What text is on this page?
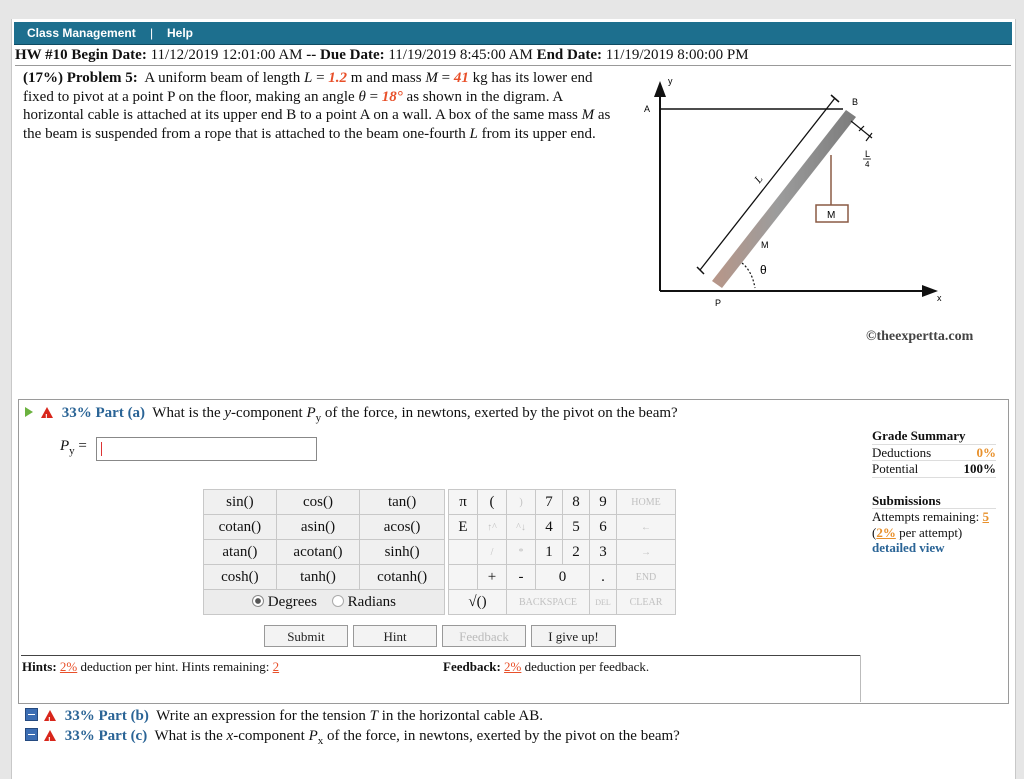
Class Management | Help
HW #10 Begin Date: 11/12/2019 12:01:00 AM -- Due Date: 11/19/2019 8:45:00 AM End Date: 11/19/2019 8:00:00 PM
(17%) Problem 5: A uniform beam of length L = 1.2 m and mass M = 41 kg has its lower end fixed to pivot at a point P on the floor, making an angle θ = 18° as shown in the digram. A horizontal cable is attached at its upper end B to a point A on a wall. A box of the same mass M as the beam is suspended from a rope that is attached to the beam one-fourth L from its upper end.
y
x
A
B
P
L
L
4
M
M
θ
©theexpertta.com
! 33% Part (a) What is the y-component $P_y$ of the force, in newtons, exerted by the pivot on the beam?
$P_y$ =
sin()	cos()	tan()
cotan()	asin()	acos()
atan()	acotan()	sinh()
cosh()	tanh()	cotanh()
Degrees Radians		
π	(	)	7	8	9	HOME
E	↑^	^↓	4	5	6	←
	/	*	1	2	3	→
	+	-	0		.	END
√()		BACKSPACE			DEL	CLEAR
Submit	Hint	Feedback	I give up!
Hints: 2% deduction per hint. Hints remaining: 2	Feedback: 2% deduction per feedback.
Grade Summary
Deductions	0%
Potential	100%
Submissions
Attempts remaining: 5
(2% per attempt)
detailed view
! 33% Part (b) Write an expression for the tension T in the horizontal cable AB.
! 33% Part (c) What is the x-component $P_x$ of the force, in newtons, exerted by the pivot on the beam?
